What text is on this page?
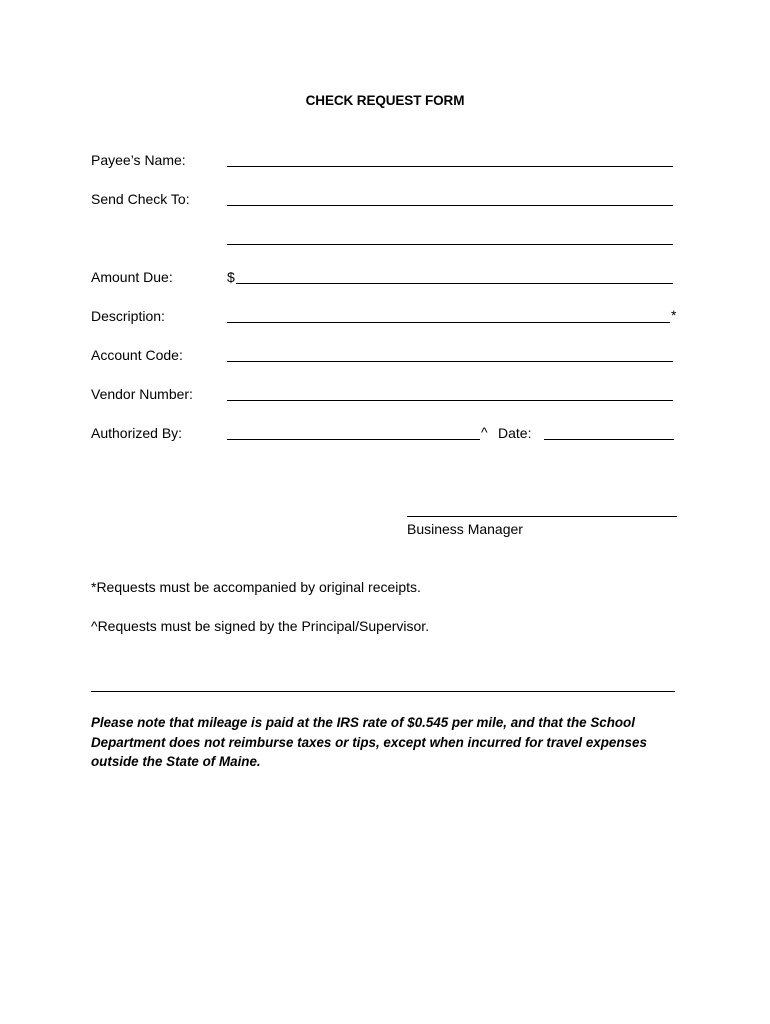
CHECK REQUEST FORM
Payee’s Name:
Send Check To:
Amount Due:	$
Description:	*
Account Code:
Vendor Number:
Authorized By:	^ Date:
Business Manager
*Requests must be accompanied by original receipts.
^Requests must be signed by the Principal/Supervisor.
Please note that mileage is paid at the IRS rate of $0.545 per mile, and that the School Department does not reimburse taxes or tips, except when incurred for travel expenses outside the State of Maine.
